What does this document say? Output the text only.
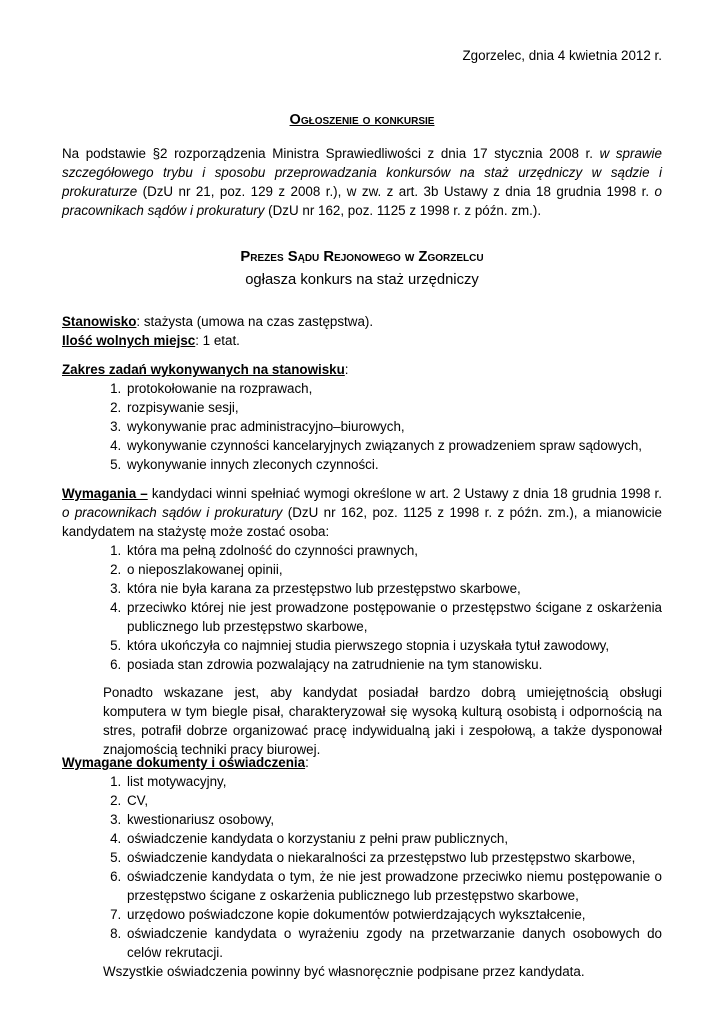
Zgorzelec, dnia 4 kwietnia 2012 r.
Ogłoszenie o konkursie
Na podstawie §2 rozporządzenia Ministra Sprawiedliwości z dnia 17 stycznia 2008 r. w sprawie szczegółowego trybu i sposobu przeprowadzania konkursów na staż urzędniczy w sądzie i prokuraturze (DzU nr 21, poz. 129 z 2008 r.), w zw. z art. 3b Ustawy z dnia 18 grudnia 1998 r. o pracownikach sądów i prokuratury (DzU nr 162, poz. 1125 z 1998 r. z późn. zm.).
Prezes Sądu Rejonowego w Zgorzelcu
ogłasza konkurs na staż urzędniczy
Stanowisko: stażysta (umowa na czas zastępstwa).
Ilość wolnych miejsc: 1 etat.
Zakres zadań wykonywanych na stanowisku:
1. protokołowanie na rozprawach,
2. rozpisywanie sesji,
3. wykonywanie prac administracyjno–biurowych,
4. wykonywanie czynności kancelaryjnych związanych z prowadzeniem spraw sądowych,
5. wykonywanie innych zleconych czynności.
Wymagania – kandydaci winni spełniać wymogi określone w art. 2 Ustawy z dnia 18 grudnia 1998 r. o pracownikach sądów i prokuratury (DzU nr 162, poz. 1125 z 1998 r. z późn. zm.), a mianowicie kandydatem na stażystę może zostać osoba:
1. która ma pełną zdolność do czynności prawnych,
2. o nieposzlakowanej opinii,
3. która nie była karana za przestępstwo lub przestępstwo skarbowe,
4. przeciwko której nie jest prowadzone postępowanie o przestępstwo ścigane z oskarżenia publicznego lub przestępstwo skarbowe,
5. która ukończyła co najmniej studia pierwszego stopnia i uzyskała tytuł zawodowy,
6. posiada stan zdrowia pozwalający na zatrudnienie na tym stanowisku.
Ponadto wskazane jest, aby kandydat posiadał bardzo dobrą umiejętnością obsługi komputera w tym biegle pisał, charakteryzował się wysoką kulturą osobistą i odpornością na stres, potrafił dobrze organizować pracę indywidualną jaki i zespołową, a także dysponował znajomością techniki pracy biurowej.
Wymagane dokumenty i oświadczenia:
1. list motywacyjny,
2. CV,
3. kwestionariusz osobowy,
4. oświadczenie kandydata o korzystaniu z pełni praw publicznych,
5. oświadczenie kandydata o niekaralności za przestępstwo lub przestępstwo skarbowe,
6. oświadczenie kandydata o tym, że nie jest prowadzone przeciwko niemu postępowanie o przestępstwo ścigane z oskarżenia publicznego lub przestępstwo skarbowe,
7. urzędowo poświadczone kopie dokumentów potwierdzających wykształcenie,
8. oświadczenie kandydata o wyrażeniu zgody na przetwarzanie danych osobowych do celów rekrutacji.
Wszystkie oświadczenia powinny być własnoręcznie podpisane przez kandydata.
